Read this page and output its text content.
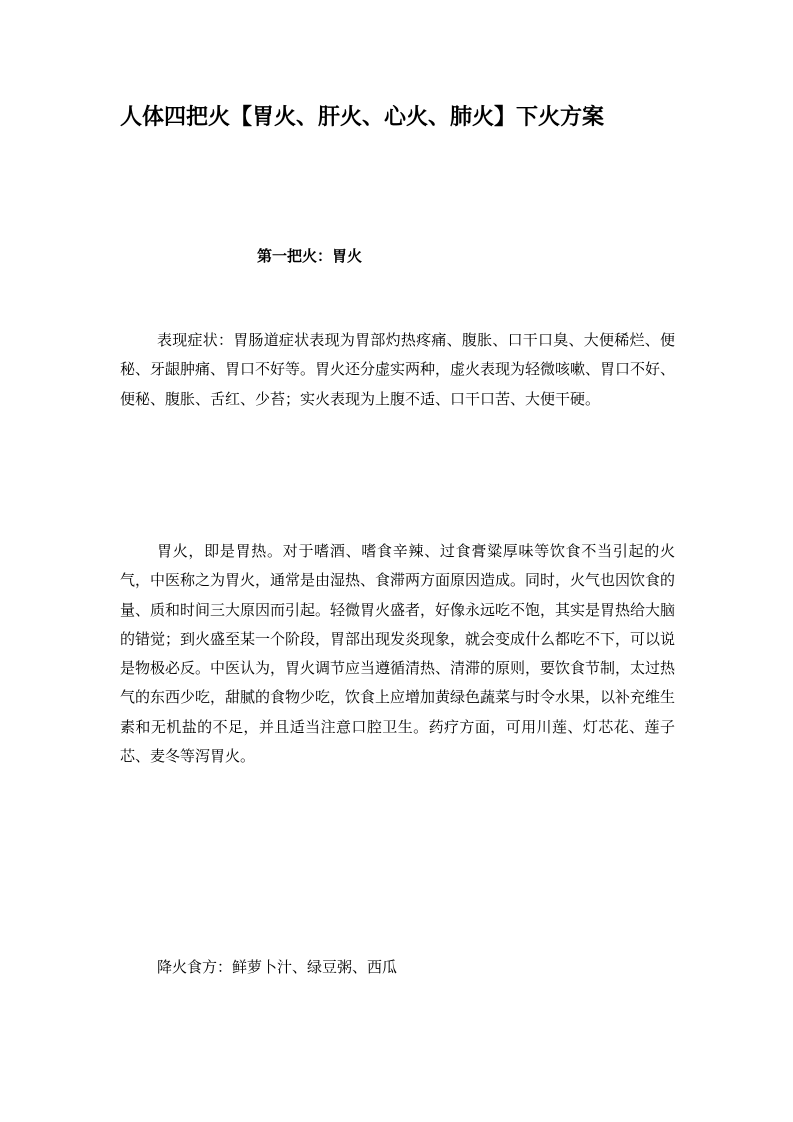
人体四把火【胃火、肝火、心火、肺火】下火方案
第一把火：胃火

表现症状：胃肠道症状表现为胃部灼热疼痛、腹胀、口干口臭、大便稀烂、便秘、牙龈肿痛、胃口不好等。胃火还分虚实两种，虚火表现为轻微咳嗽、胃口不好、便秘、腹胀、舌红、少苔；实火表现为上腹不适、口干口苦、大便干硬。

胃火，即是胃热。对于嗜酒、嗜食辛辣、过食膏粱厚味等饮食不当引起的火气，中医称之为胃火，通常是由湿热、食滞两方面原因造成。同时，火气也因饮食的量、质和时间三大原因而引起。轻微胃火盛者，好像永远吃不饱，其实是胃热给大脑的错觉；到火盛至某一个阶段，胃部出现发炎现象，就会变成什么都吃不下，可以说是物极必反。中医认为，胃火调节应当遵循清热、清滞的原则，要饮食节制，太过热气的东西少吃，甜腻的食物少吃，饮食上应增加黄绿色蔬菜与时令水果，以补充维生素和无机盐的不足，并且适当注意口腔卫生。药疗方面，可用川莲、灯芯花、莲子芯、麦冬等泻胃火。

降火食方：鲜萝卜汁、绿豆粥、西瓜
